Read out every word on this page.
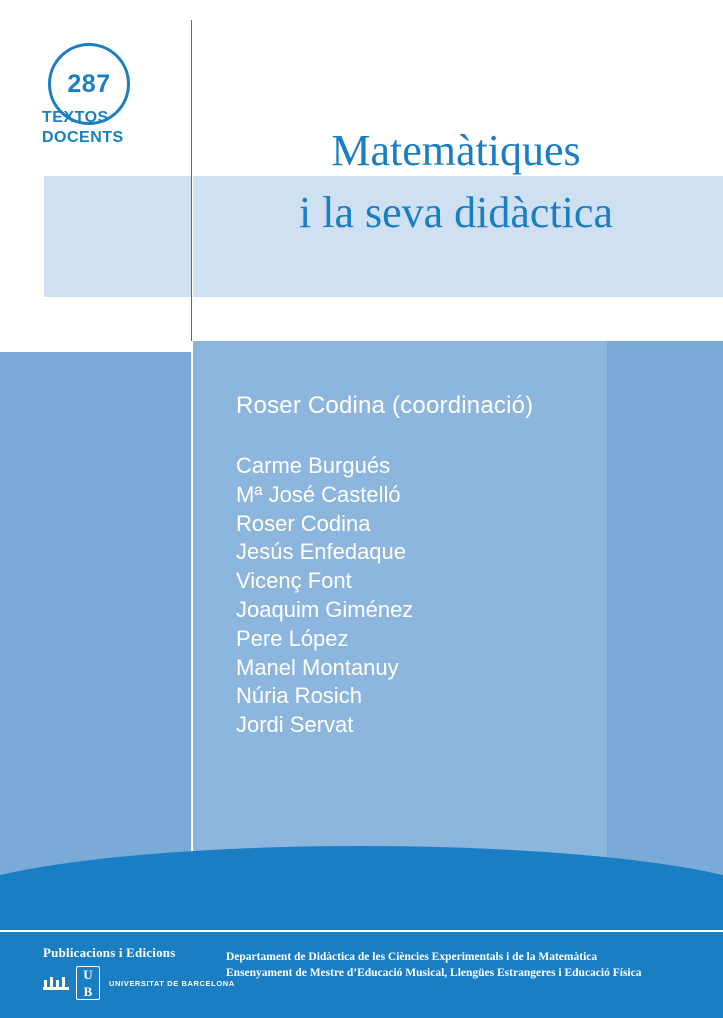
287
TEXTOS
DOCENTS	Matemàtiques
i la seva didàctica
Roser Codina (coordinació)
Carme Burgués
Mª José Castelló
Roser Codina
Jesús Enfedaque
Vicenç Font
Joaquim Giménez
Pere López
Manel Montanuy
Núria Rosich
Jordi Servat
Publicacions i Edicions
U
B
UNIVERSITAT DE BARCELONA
Departament de Didàctica de les Ciències Experimentals i de la Matemàtica
Ensenyament de Mestre d’Educació Musical, Llengües Estrangeres i Educació Física
